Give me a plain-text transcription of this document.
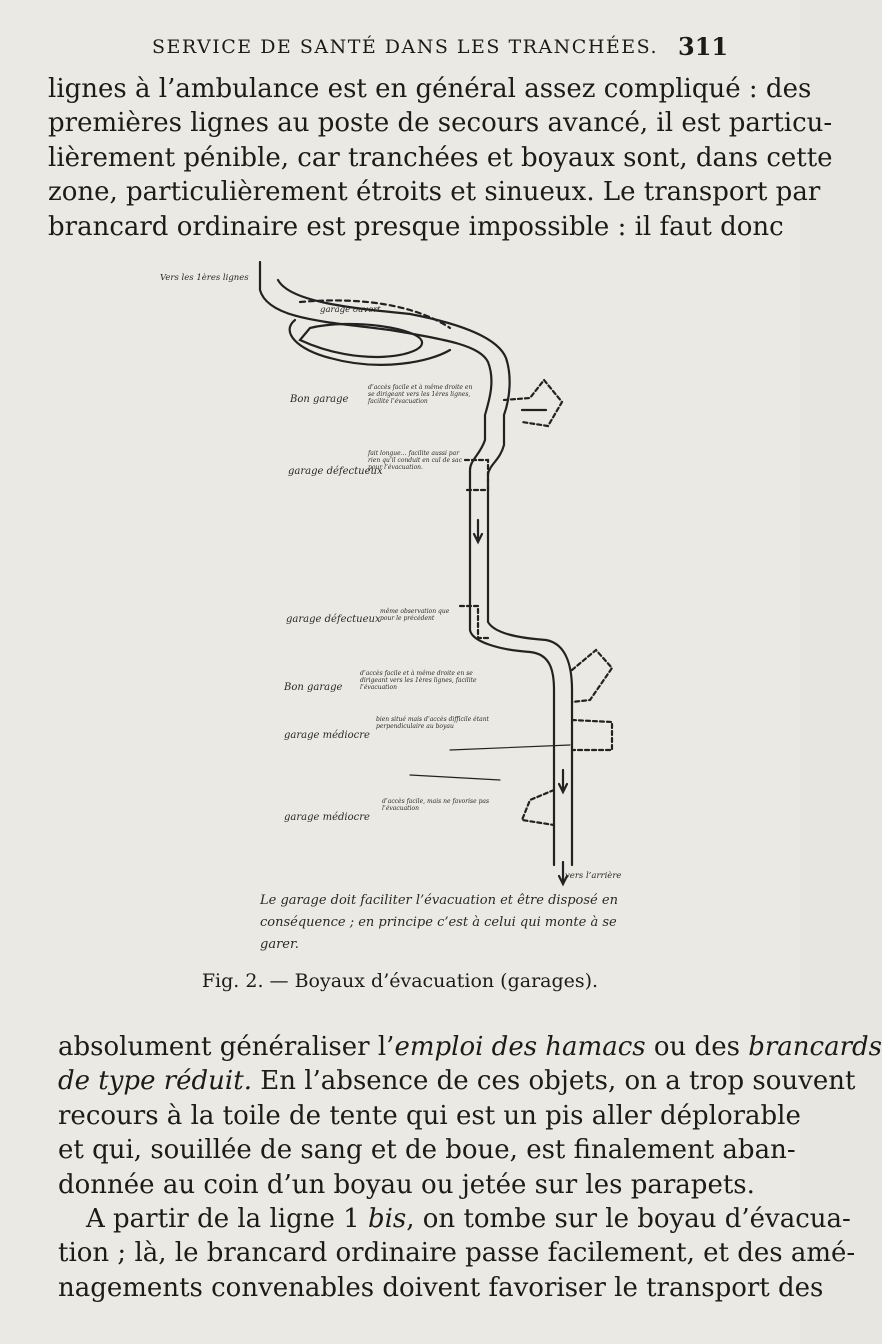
SERVICE DE SANTÉ DANS LES TRANCHÉES. 311
lignes à l’ambulance est en général assez compliqué : des
premières lignes au poste de secours avancé, il est particu-
lièrement pénible, car tranchées et boyaux sont, dans cette
zone, particulièrement étroits et sinueux. Le transport par
brancard ordinaire est presque impossible : il faut donc
Vers les 1ères lignes
garage ouvert
Bon garage
garage défectueux
garage défectueux
Bon garage
garage médiocre
garage médiocre
vers l’arrière
d’accès facile et à même droite en se dirigeant vers les 1ères lignes, facilite l’évacuation
fait longue… facilite aussi par rien qu’il conduit en cul de sac pour l’évacuation.
même observation que pour le précédent
d’accès facile et à même droite en se dirigeant vers les 1ères lignes, facilite l’évacuation
bien situé mais d’accès difficile étant perpendiculaire au boyau
d’accès facile, mais ne favorise pas l’évacuation
Le garage doit faciliter l’évacuation et être disposé en conséquence ; en principe c’est à celui qui monte à se garer.
Fig. 2. — Boyaux d’évacuation (garages).
absolument généraliser l’emploi des hamacs ou des brancards
de type réduit. En l’absence de ces objets, on a trop souvent
recours à la toile de tente qui est un pis aller déplorable
et qui, souillée de sang et de boue, est finalement aban-
donnée au coin d’un boyau ou jetée sur les parapets.
A partir de la ligne 1 bis, on tombe sur le boyau d’évacua-
tion ; là, le brancard ordinaire passe facilement, et des amé-
nagements convenables doivent favoriser le transport des
